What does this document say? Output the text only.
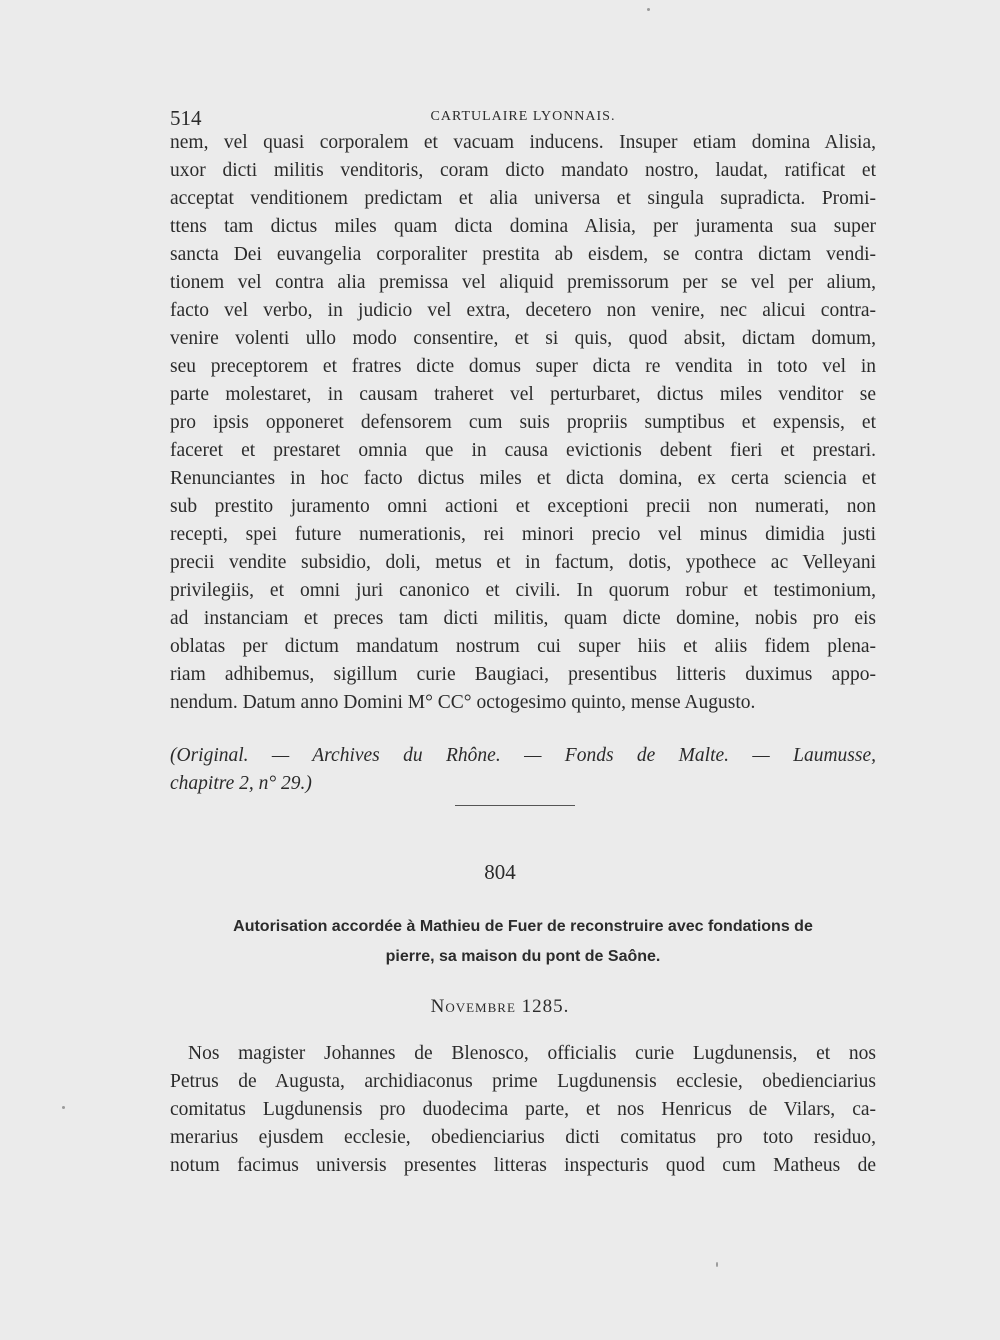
514	CARTULAIRE LYONNAIS.
nem, vel quasi corporalem et vacuam inducens. Insuper etiam domina Alisia,
uxor dicti militis venditoris, coram dicto mandato nostro, laudat, ratificat et
acceptat venditionem predictam et alia universa et singula supradicta. Promi-
ttens tam dictus miles quam dicta domina Alisia, per juramenta sua super
sancta Dei euvangelia corporaliter prestita ab eisdem, se contra dictam vendi-
tionem vel contra alia premissa vel aliquid premissorum per se vel per alium,
facto vel verbo, in judicio vel extra, decetero non venire, nec alicui contra-
venire volenti ullo modo consentire, et si quis, quod absit, dictam domum,
seu preceptorem et fratres dicte domus super dicta re vendita in toto vel in
parte molestaret, in causam traheret vel perturbaret, dictus miles venditor se
pro ipsis opponeret defensorem cum suis propriis sumptibus et expensis, et
faceret et prestaret omnia que in causa evictionis debent fieri et prestari.
Renunciantes in hoc facto dictus miles et dicta domina, ex certa sciencia et
sub prestito juramento omni actioni et exceptioni precii non numerati, non
recepti, spei future numerationis, rei minori precio vel minus dimidia justi
precii vendite subsidio, doli, metus et in factum, dotis, ypothece ac Velleyani
privilegiis, et omni juri canonico et civili. In quorum robur et testimonium,
ad instanciam et preces tam dicti militis, quam dicte domine, nobis pro eis
oblatas per dictum mandatum nostrum cui super hiis et aliis fidem plena-
riam adhibemus, sigillum curie Baugiaci, presentibus litteris duximus appo-
nendum. Datum anno Domini M° CC° octogesimo quinto, mense Augusto.
(Original. — Archives du Rhône. — Fonds de Malte. — Laumusse,
chapitre 2, n° 29.)
804
Autorisation accordée à Mathieu de Fuer de reconstruire avec fondations de
pierre, sa maison du pont de Saône.
Novembre 1285.
Nos magister Johannes de Blenosco, officialis curie Lugdunensis, et nos
Petrus de Augusta, archidiaconus prime Lugdunensis ecclesie, obedienciarius
comitatus Lugdunensis pro duodecima parte, et nos Henricus de Vilars, ca-
merarius ejusdem ecclesie, obedienciarius dicti comitatus pro toto residuo,
notum facimus universis presentes litteras inspecturis quod cum Matheus de
